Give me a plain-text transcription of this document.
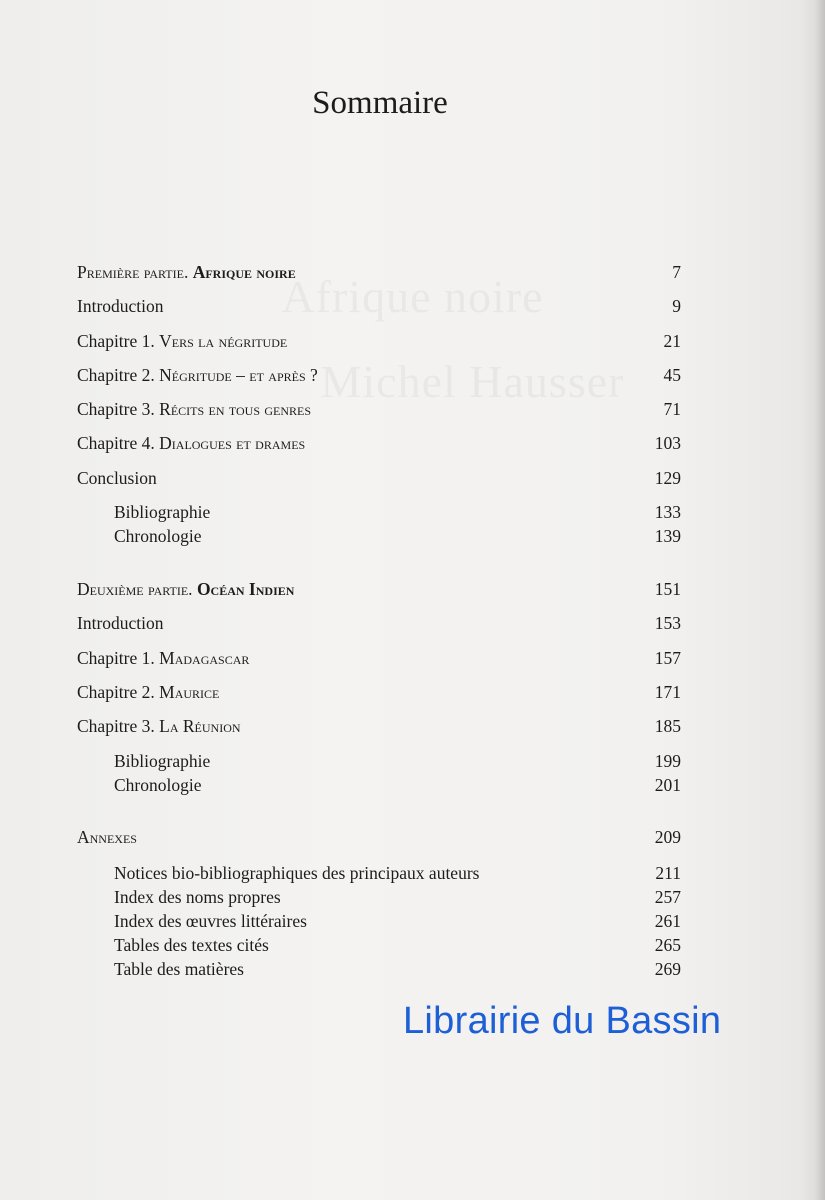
Sommaire
Première partie. Afrique noire	7
Introduction	9
Chapitre 1. Vers la négritude	21
Chapitre 2. Négritude – et après ?	45
Chapitre 3. Récits en tous genres	71
Chapitre 4. Dialogues et drames	103
Conclusion	129
Bibliographie	133
Chronologie	139
Deuxième partie. Océan Indien	151
Introduction	153
Chapitre 1. Madagascar	157
Chapitre 2. Maurice	171
Chapitre 3. La Réunion	185
Bibliographie	199
Chronologie	201
Annexes	209
Notices bio-bibliographiques des principaux auteurs	211
Index des noms propres	257
Index des œuvres littéraires	261
Tables des textes cités	265
Table des matières	269
Librairie du Bassin
